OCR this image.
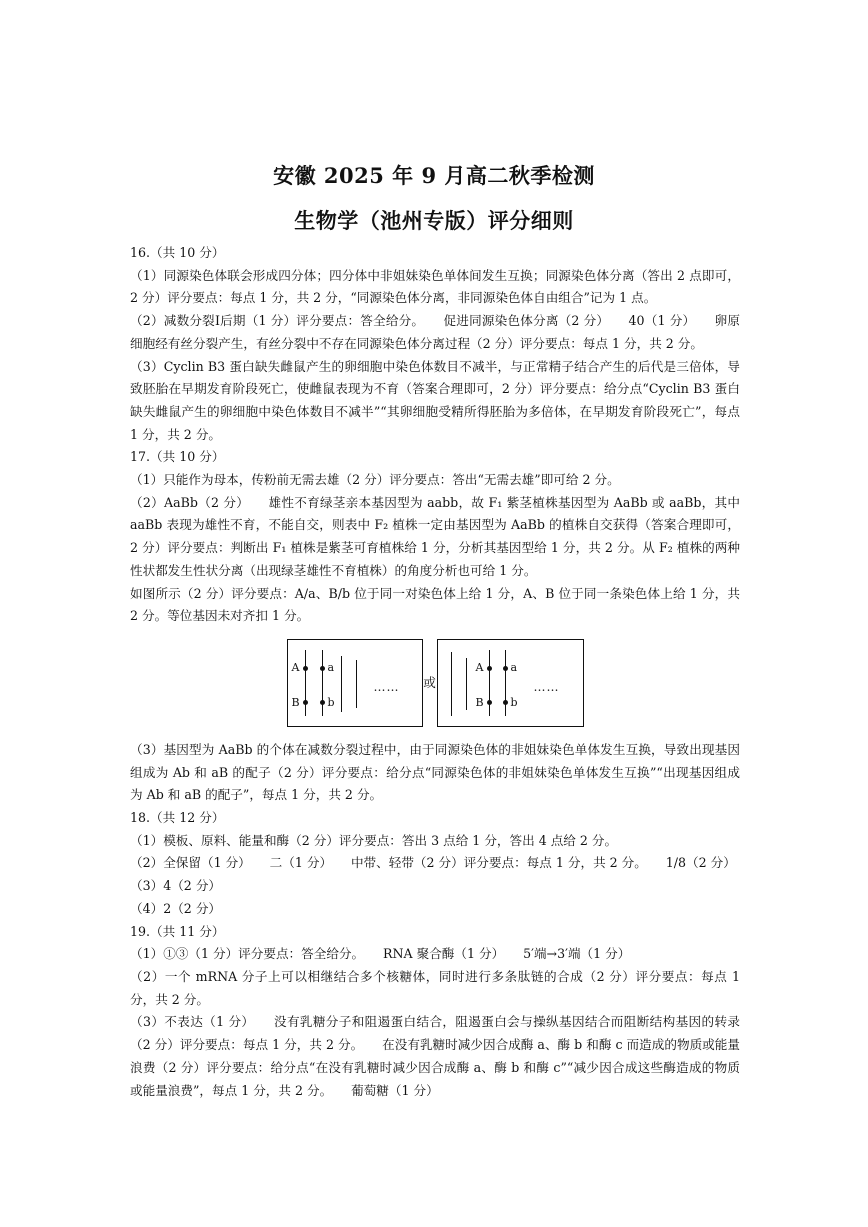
安徽 2025 年 9 月高二秋季检测
生物学（池州专版）评分细则

16.（共 10 分）

（1）同源染色体联会形成四分体；四分体中非姐妹染色单体间发生互换；同源染色体分离（答出 2 点即可，2 分）评分要点：每点 1 分，共 2 分，“同源染色体分离，非同源染色体自由组合”记为 1 点。

（2）减数分裂Ⅰ后期（1 分）评分要点：答全给分。　　促进同源染色体分离（2 分）　　40（1 分）　　卵原细胞经有丝分裂产生，有丝分裂中不存在同源染色体分离过程（2 分）评分要点：每点 1 分，共 2 分。

（3）Cyclin B3 蛋白缺失雌鼠产生的卵细胞中染色体数目不减半，与正常精子结合产生的后代是三倍体，导致胚胎在早期发育阶段死亡，使雌鼠表现为不育（答案合理即可，2 分）评分要点：给分点“Cyclin B3 蛋白缺失雌鼠产生的卵细胞中染色体数目不减半”“其卵细胞受精所得胚胎为多倍体，在早期发育阶段死亡”，每点 1 分，共 2 分。

17.（共 10 分）

（1）只能作为母本，传粉前无需去雄（2 分）评分要点：答出“无需去雄”即可给 2 分。

（2）AaBb（2 分）　　雄性不育绿茎亲本基因型为 aabb，故 F₁ 紫茎植株基因型为 AaBb 或 aaBb，其中 aaBb 表现为雄性不育，不能自交，则表中 F₂ 植株一定由基因型为 AaBb 的植株自交获得（答案合理即可，2 分）评分要点：判断出 F₁ 植株是紫茎可育植株给 1 分，分析其基因型给 1 分，共 2 分。从 F₂ 植株的两种性状都发生性状分离（出现绿茎雄性不育植株）的角度分析也可给 1 分。

如图所示（2 分）评分要点：A/a、B/b 位于同一对染色体上给 1 分，A、B 位于同一条染色体上给 1 分，共 2 分。等位基因未对齐扣 1 分。

A
B
a
b
…… 或
A
B
a
b
……

（3）基因型为 AaBb 的个体在减数分裂过程中，由于同源染色体的非姐妹染色单体发生互换，导致出现基因组成为 Ab 和 aB 的配子（2 分）评分要点：给分点“同源染色体的非姐妹染色单体发生互换”“出现基因组成为 Ab 和 aB 的配子”，每点 1 分，共 2 分。

18.（共 12 分）

（1）模板、原料、能量和酶（2 分）评分要点：答出 3 点给 1 分，答出 4 点给 2 分。

（2）全保留（1 分）　　二（1 分）　　中带、轻带（2 分）评分要点：每点 1 分，共 2 分。　　1/8（2 分）

（3）4（2 分）

（4）2（2 分）

19.（共 11 分）

（1）①③（1 分）评分要点：答全给分。　　RNA 聚合酶（1 分）　　5′端→3′端（1 分）

（2）一个 mRNA 分子上可以相继结合多个核糖体，同时进行多条肽链的合成（2 分）评分要点：每点 1 分，共 2 分。

（3）不表达（1 分）　　没有乳糖分子和阻遏蛋白结合，阻遏蛋白会与操纵基因结合而阻断结构基因的转录（2 分）评分要点：每点 1 分，共 2 分。　　在没有乳糖时减少因合成酶 a、酶 b 和酶 c 而造成的物质或能量浪费（2 分）评分要点：给分点“在没有乳糖时减少因合成酶 a、酶 b 和酶 c”“减少因合成这些酶造成的物质或能量浪费”，每点 1 分，共 2 分。　　葡萄糖（1 分）
